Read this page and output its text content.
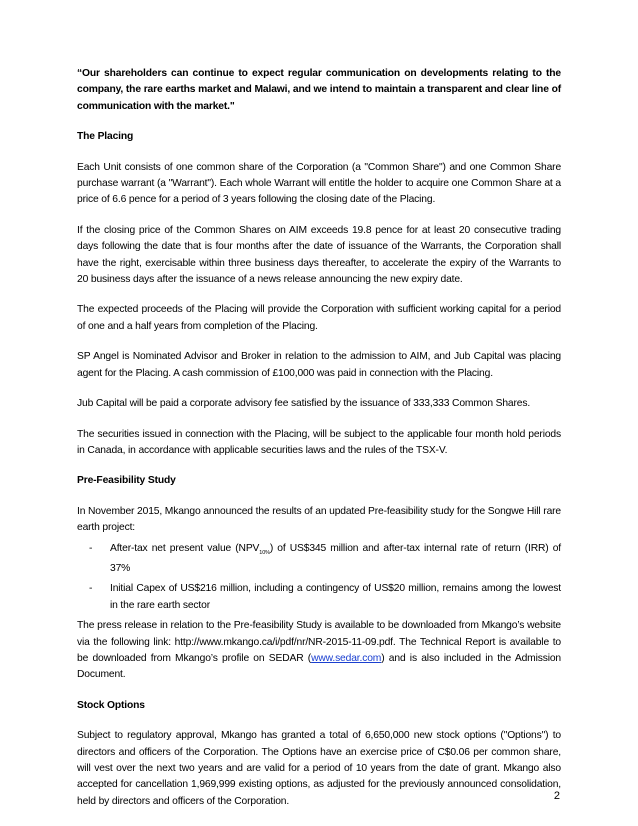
“Our shareholders can continue to expect regular communication on developments relating to the company, the rare earths market and Malawi, and we intend to maintain a transparent and clear line of communication with the market."

The Placing

Each Unit consists of one common share of the Corporation (a "Common Share") and one Common Share purchase warrant (a "Warrant"). Each whole Warrant will entitle the holder to acquire one Common Share at a price of 6.6 pence for a period of 3 years following the closing date of the Placing.

If the closing price of the Common Shares on AIM exceeds 19.8 pence for at least 20 consecutive trading days following the date that is four months after the date of issuance of the Warrants, the Corporation shall have the right, exercisable within three business days thereafter, to accelerate the expiry of the Warrants to 20 business days after the issuance of a news release announcing the new expiry date.

The expected proceeds of the Placing will provide the Corporation with sufficient working capital for a period of one and a half years from completion of the Placing.

SP Angel is Nominated Advisor and Broker in relation to the admission to AIM, and Jub Capital was placing agent for the Placing. A cash commission of £100,000 was paid in connection with the Placing.

Jub Capital will be paid a corporate advisory fee satisfied by the issuance of 333,333 Common Shares.

The securities issued in connection with the Placing, will be subject to the applicable four month hold periods in Canada, in accordance with applicable securities laws and the rules of the TSX-V.

Pre-Feasibility Study

In November 2015, Mkango announced the results of an updated Pre-feasibility study for the Songwe Hill rare earth project:

- After-tax net present value $(NPV_{10\%})$ of US$345 million and after-tax internal rate of return (IRR) of 37%
- Initial Capex of US$216 million, including a contingency of US$20 million, remains among the lowest in the rare earth sector

The press release in relation to the Pre-feasibility Study is available to be downloaded from Mkango’s website via the following link: http://www.mkango.ca/i/pdf/nr/NR-2015-11-09.pdf. The Technical Report is available to be downloaded from Mkango’s profile on SEDAR (www.sedar.com) and is also included in the Admission Document.

Stock Options

Subject to regulatory approval, Mkango has granted a total of 6,650,000 new stock options ("Options") to directors and officers of the Corporation. The Options have an exercise price of C$0.06 per common share, will vest over the next two years and are valid for a period of 10 years from the date of grant. Mkango also accepted for cancellation 1,969,999 existing options, as adjusted for the previously announced consolidation, held by directors and officers of the Corporation.	2
